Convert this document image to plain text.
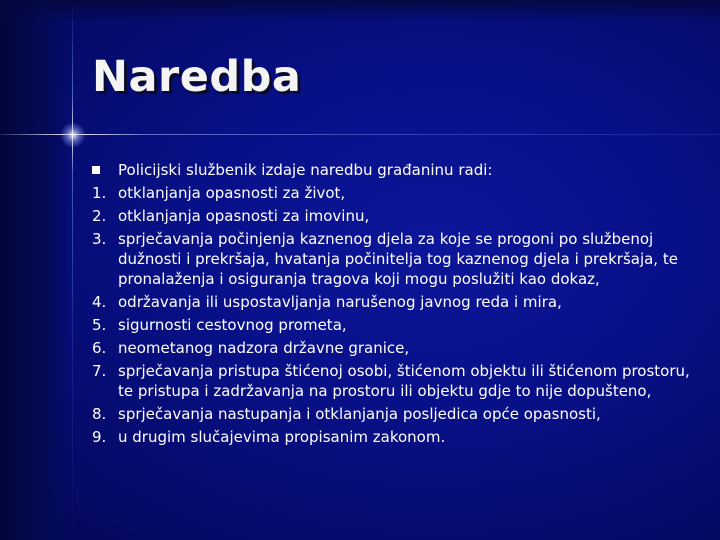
Naredba

Policijski službenik izdaje naredbu građaninu radi:

1. otklanjanja opasnosti za život,
2. otklanjanja opasnosti za imovinu,
3. sprječavanja počinjenja kaznenog djela za koje se progoni po službenoj dužnosti i prekršaja, hvatanja počinitelja tog kaznenog djela i prekršaja, te pronalaženja i osiguranja tragova koji mogu poslužiti kao dokaz,
4. održavanja ili uspostavljanja narušenog javnog reda i mira,
5. sigurnosti cestovnog prometa,
6. neometanog nadzora državne granice,
7. sprječavanja pristupa štićenoj osobi, štićenom objektu ili štićenom prostoru, te pristupa i zadržavanja na prostoru ili objektu gdje to nije dopušteno,
8. sprječavanja nastupanja i otklanjanja posljedica opće opasnosti,
9. u drugim slučajevima propisanim zakonom.
